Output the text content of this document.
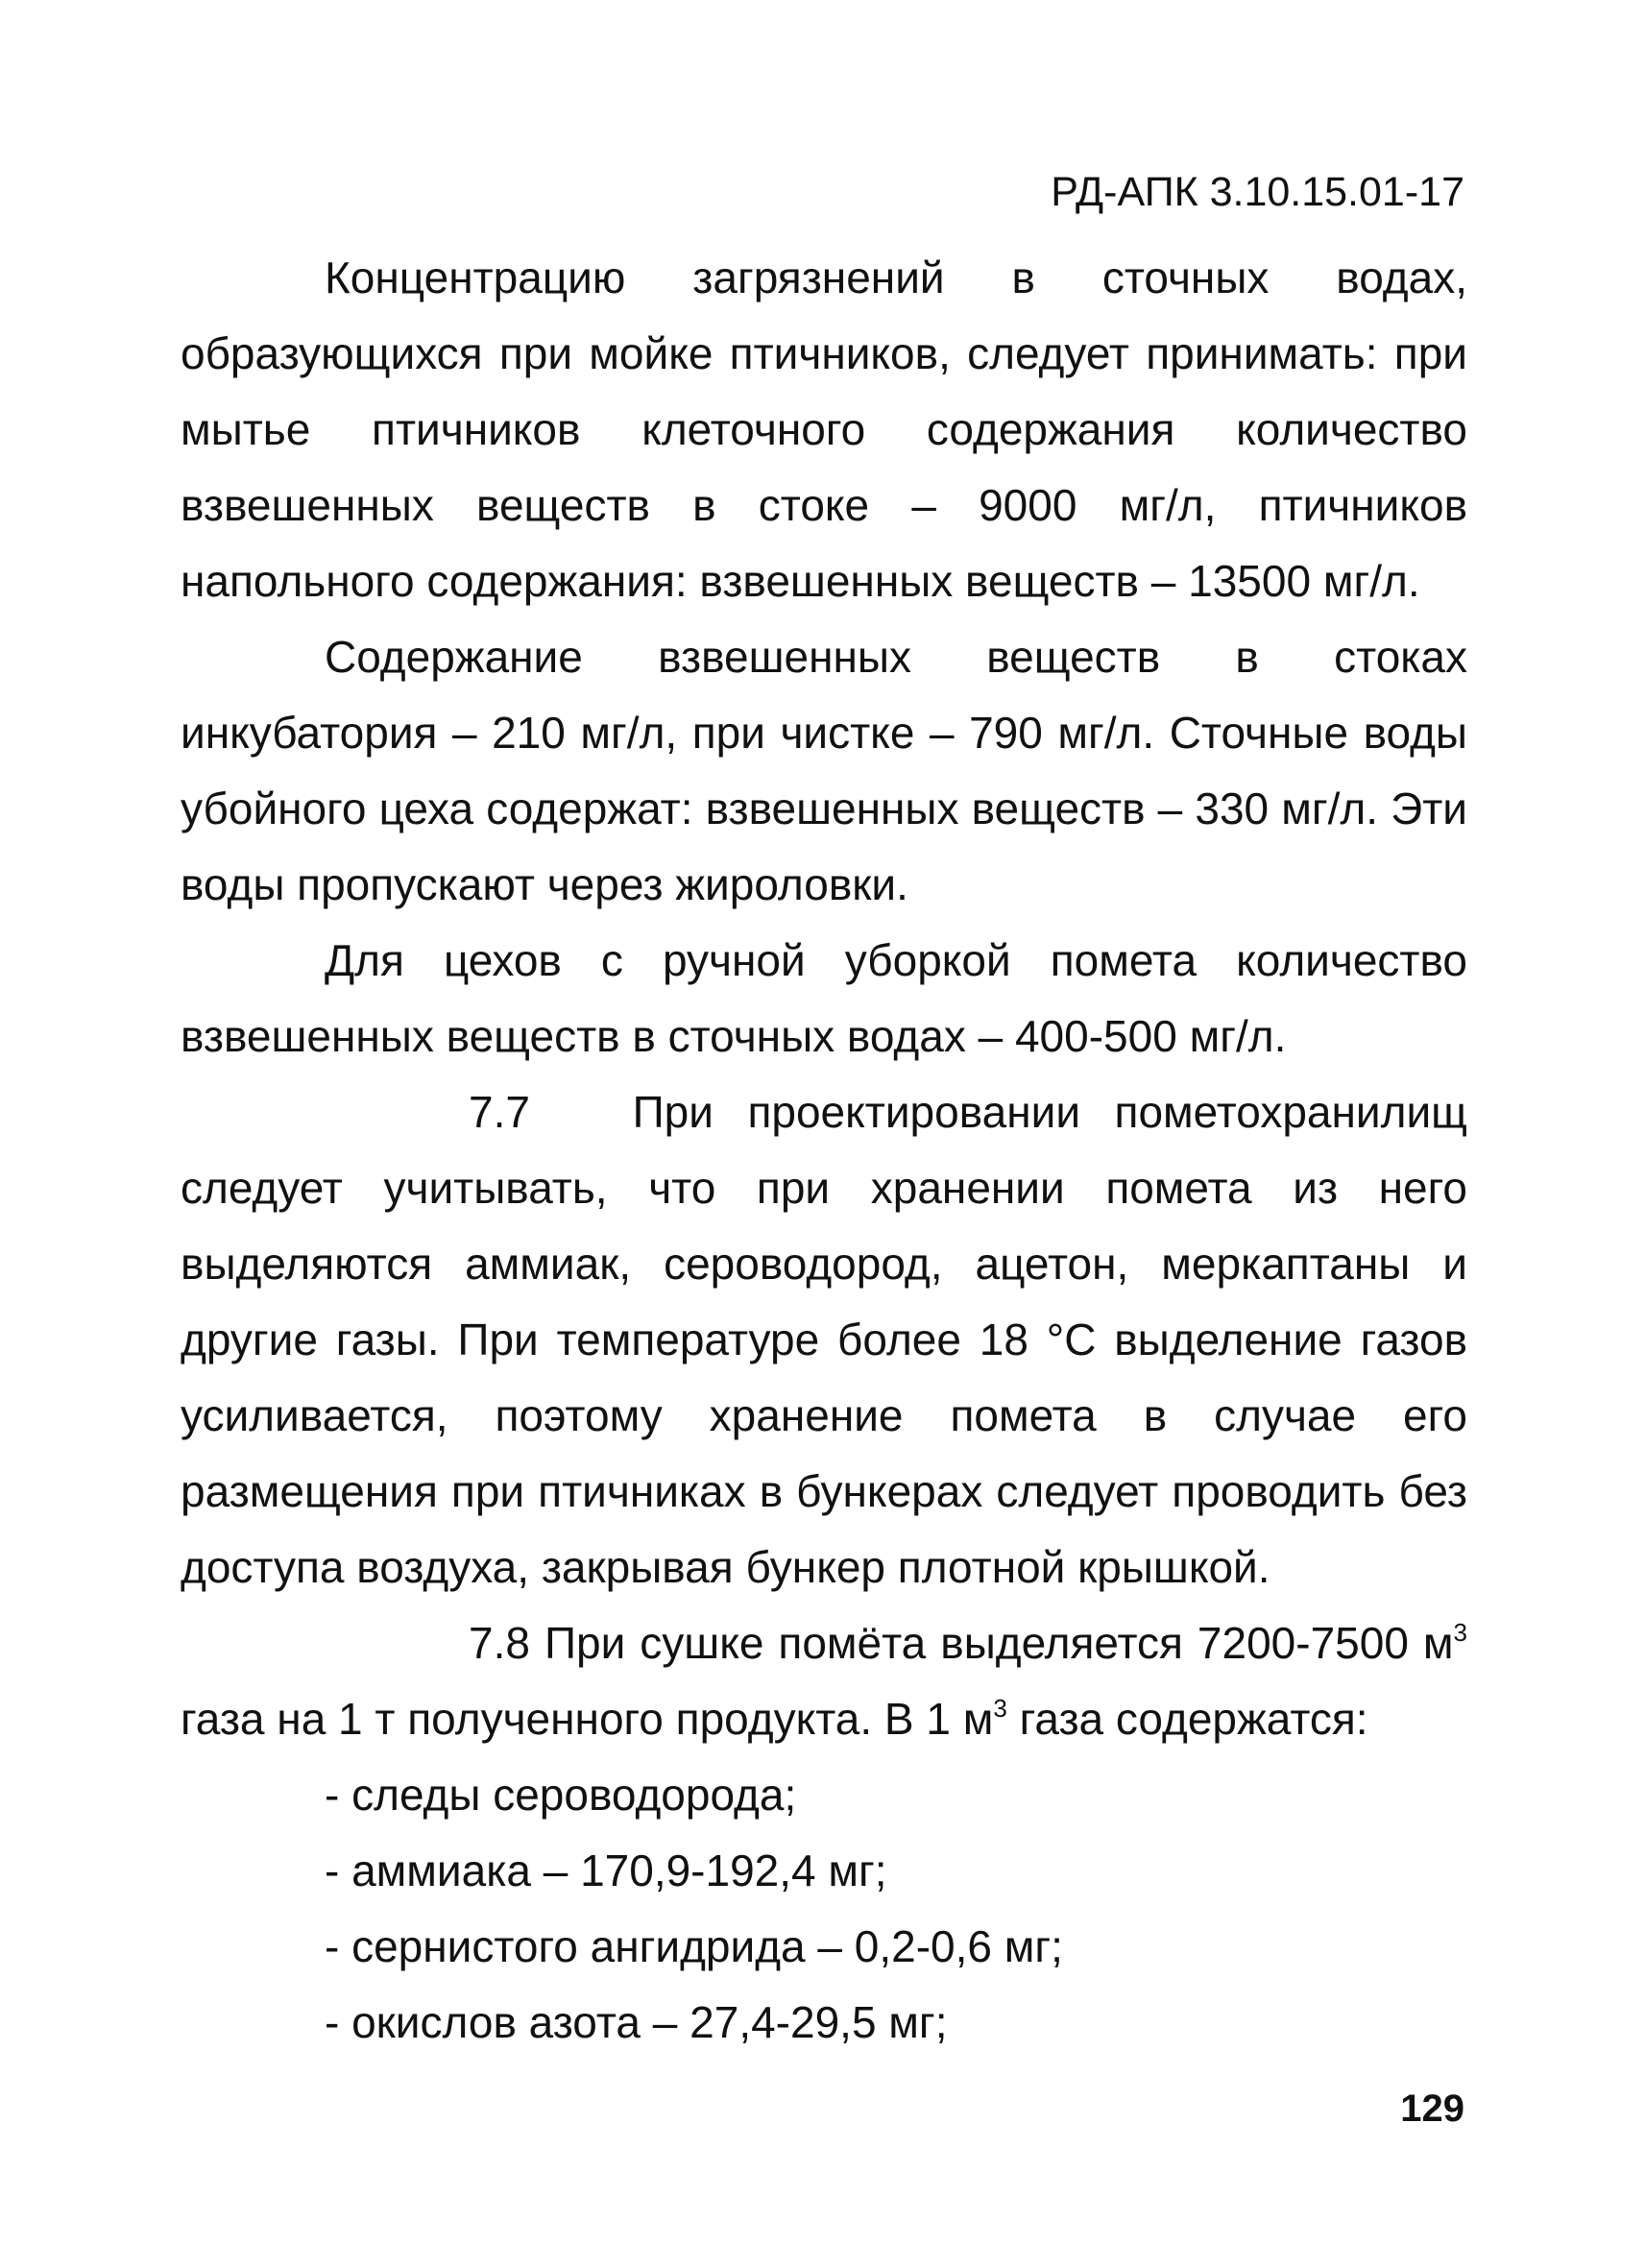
РД-АПК 3.10.15.01-17

Концентрацию загрязнений в сточных водах, образующихся при мойке птичников, следует принимать: при мытье птичников клеточного содержания количество взвешенных веществ в стоке – 9000 мг/л, птичников напольного содержания: взвешенных веществ – 13500 мг/л.

Содержание взвешенных веществ в стоках инкубатория – 210 мг/л, при чистке – 790 мг/л. Сточные воды убойного цеха содержат: взвешенных веществ – 330 мг/л. Эти воды пропускают через жироловки.

Для цехов с ручной уборкой помета количество взвешенных веществ в сточных водах – 400-500 мг/л.

7.7 При проектировании пометохранилищ следует учитывать, что при хранении помета из него выделяются аммиак, сероводород, ацетон, меркаптаны и другие газы. При температуре более 18 °С выделение газов усиливается, поэтому хранение помета в случае его размещения при птичниках в бункерах следует проводить без доступа воздуха, закрывая бункер плотной крышкой.

7.8 При сушке помёта выделяется 7200-7500 $м^3$ газа на 1 т полученного продукта. В 1 $м^3$ газа содержатся:

- следы сероводорода;

- аммиака – 170,9-192,4 мг;

- сернистого ангидрида – 0,2-0,6 мг;

- окислов азота – 27,4-29,5 мг;

129
